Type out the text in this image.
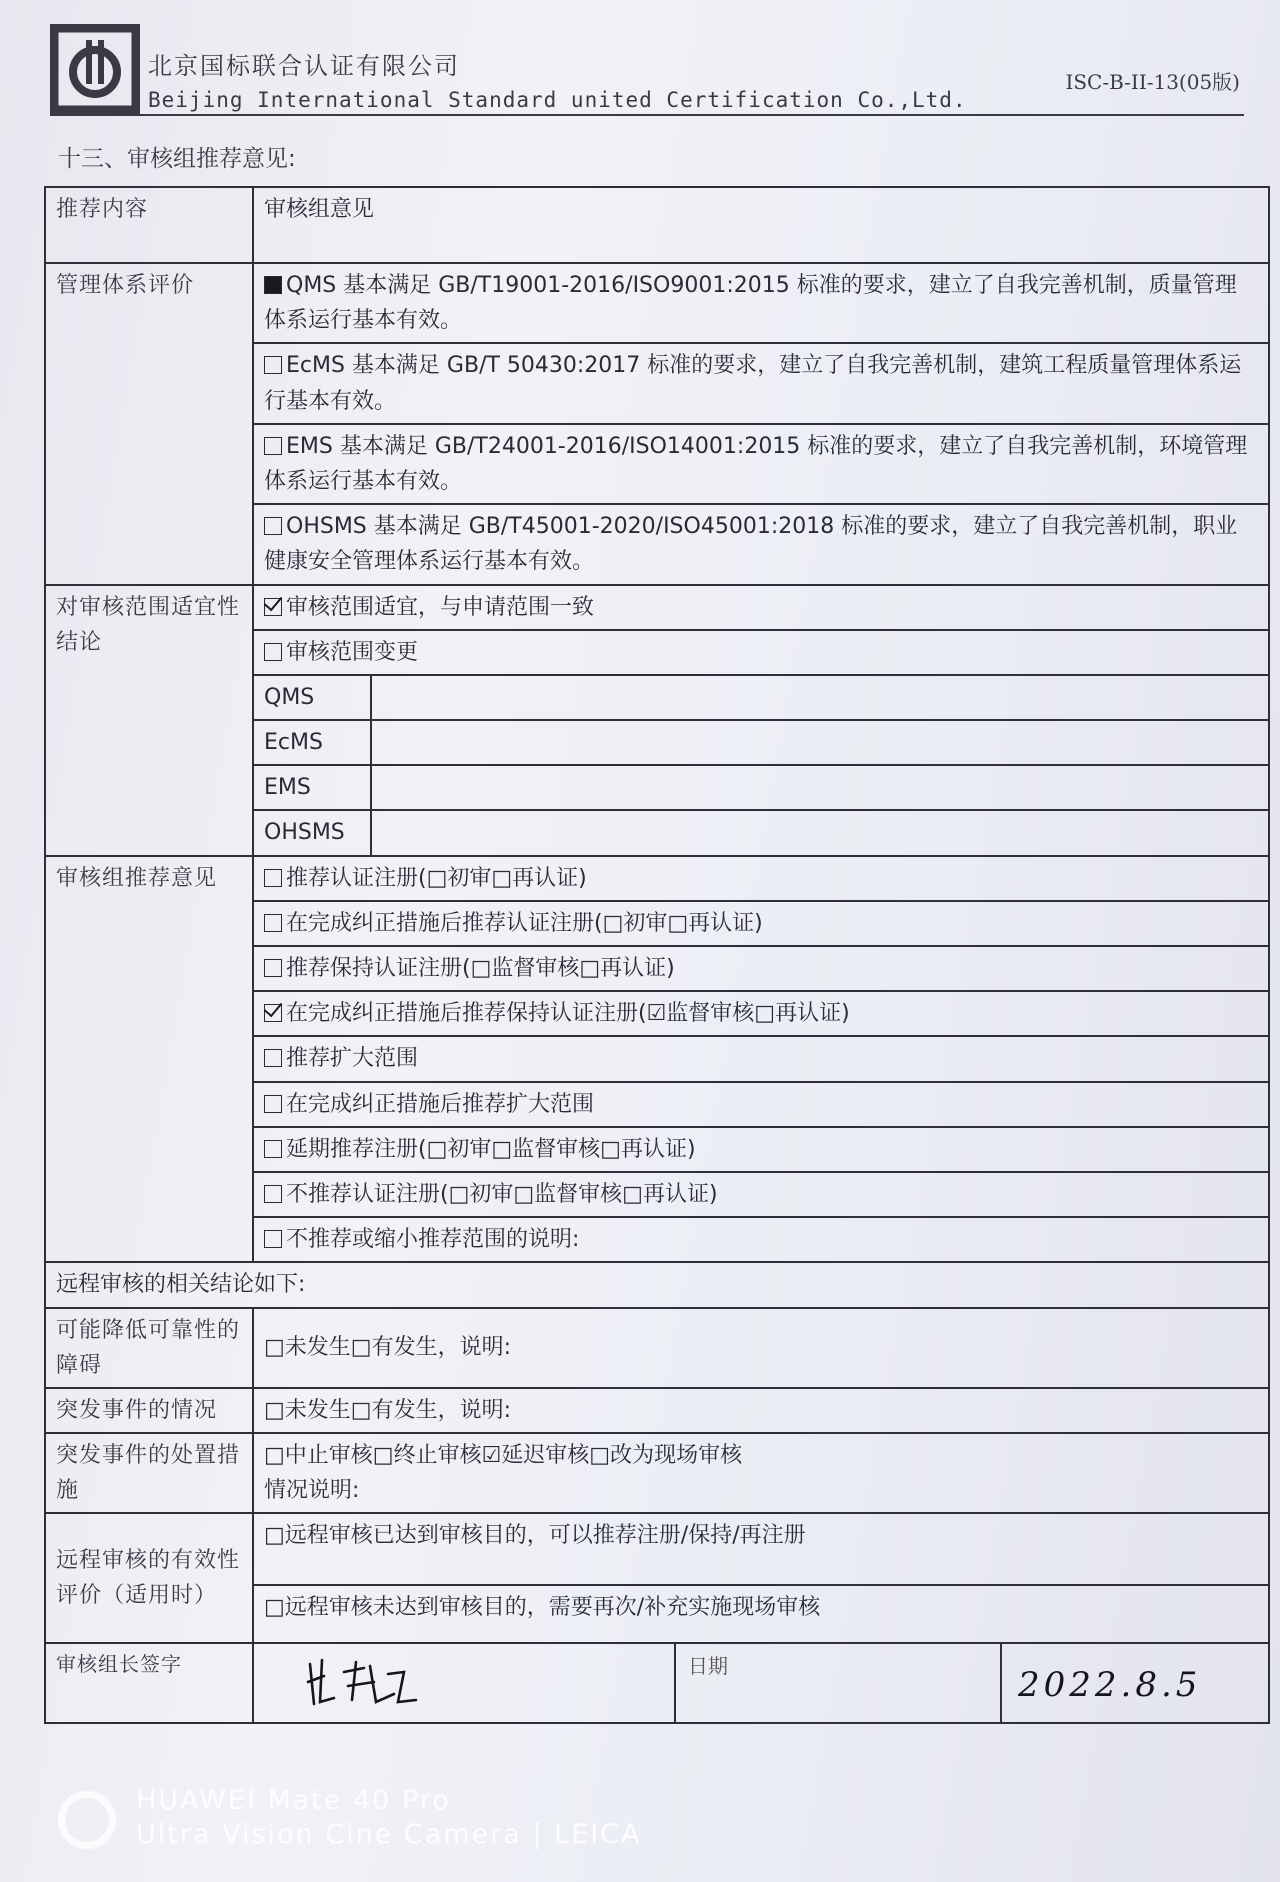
北京国标联合认证有限公司
Beijing International Standard united Certification Co.,Ltd.
ISC-B-II-13(05版)
十三、审核组推荐意见:
推荐内容	审核组意见	
管理体系评价	QMS 基本满足 GB/T19001-2016/ISO9001:2015 标准的要求，建立了自我完善机制，质量管理体系运行基本有效。	
	EcMS 基本满足 GB/T 50430:2017 标准的要求，建立了自我完善机制，建筑工程质量管理体系运行基本有效。	
	EMS 基本满足 GB/T24001-2016/ISO14001:2015 标准的要求，建立了自我完善机制，环境管理体系运行基本有效。	
	OHSMS 基本满足 GB/T45001-2020/ISO45001:2018 标准的要求，建立了自我完善机制，职业健康安全管理体系运行基本有效。	
对审核范围适宜性结论	审核范围适宜，与申请范围一致	
	审核范围变更	
	QMS	
	EcMS	
	EMS	
	OHSMS	
审核组推荐意见	推荐认证注册(□初审□再认证)	
	在完成纠正措施后推荐认证注册(□初审□再认证)	
	推荐保持认证注册(□监督审核□再认证)	
	在完成纠正措施后推荐保持认证注册(☑监督审核□再认证)	
	推荐扩大范围	
	在完成纠正措施后推荐扩大范围	
	延期推荐注册(□初审□监督审核□再认证)	
	不推荐认证注册(□初审□监督审核□再认证)	
	不推荐或缩小推荐范围的说明:	
远程审核的相关结论如下:		
可能降低可靠性的障碍	□未发生□有发生，说明:	
突发事件的情况	□未发生□有发生，说明:	
突发事件的处置措施	□中止审核□终止审核☑延迟审核□改为现场审核
情况说明:	

远程审核的有效性评价（适用时）	□远程审核已达到审核目的，可以推荐注册/保持/再注册	
	□远程审核未达到审核目的，需要再次/补充实施现场审核	
审核组长签字	日期 2022.8.5	
HUAWEI Mate 40 Pro
Ultra Vision Cine Camera | LEICA
